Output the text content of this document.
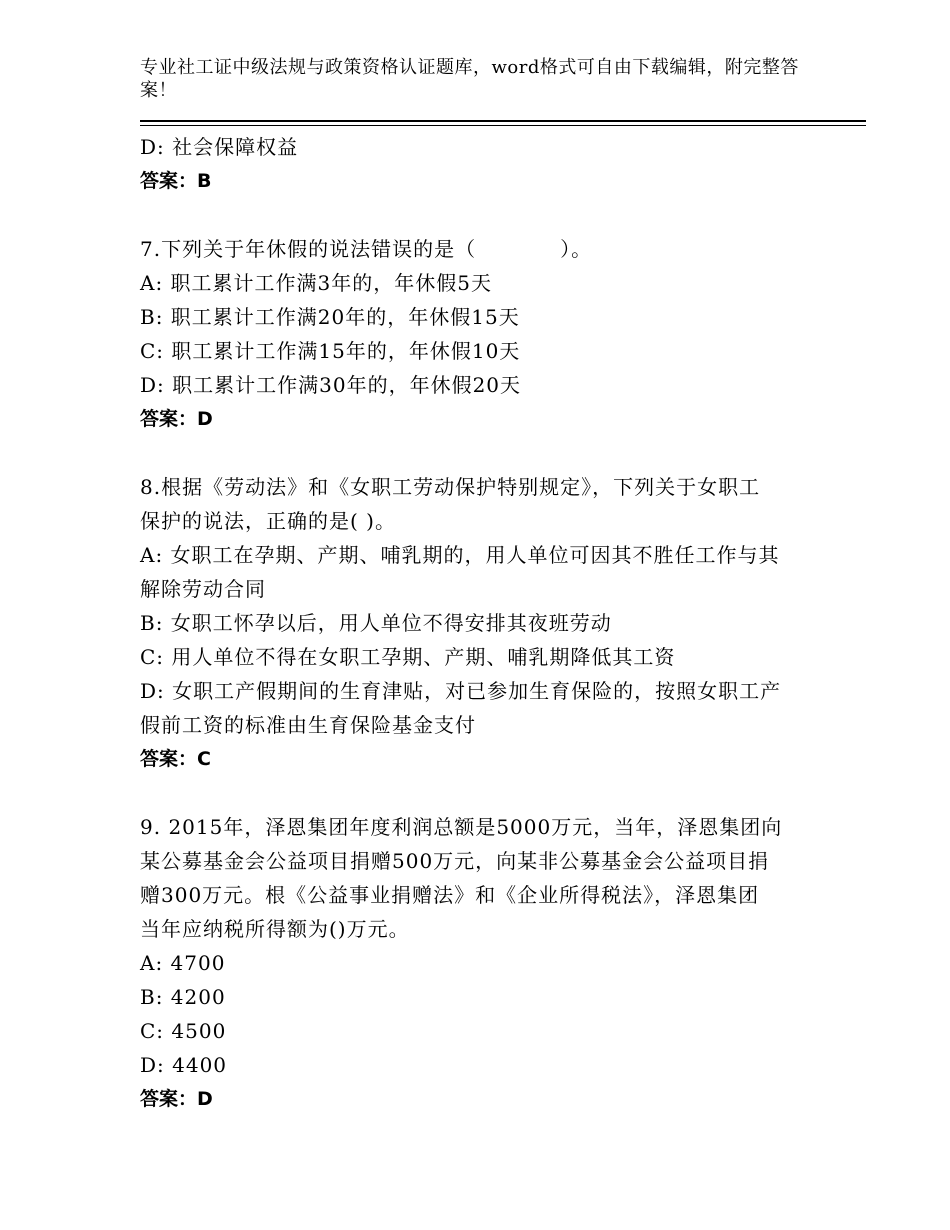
专业社工证中级法规与政策资格认证题库，word格式可自由下载编辑，附完整答案！
D: 社会保障权益
答案：B
7.下列关于年休假的说法错误的是（　　　　）。
A: 职工累计工作满3年的，年休假5天
B: 职工累计工作满20年的，年休假15天
C: 职工累计工作满15年的，年休假10天
D: 职工累计工作满30年的，年休假20天
答案：D
8.根据《劳动法》和《女职工劳动保护特别规定》，下列关于女职工
保护的说法，正确的是( )。
A: 女职工在孕期、产期、哺乳期的，用人单位可因其不胜任工作与其
解除劳动合同
B: 女职工怀孕以后，用人单位不得安排其夜班劳动
C: 用人单位不得在女职工孕期、产期、哺乳期降低其工资
D: 女职工产假期间的生育津贴，对已参加生育保险的，按照女职工产
假前工资的标准由生育保险基金支付
答案：C
9. 2015年，泽恩集团年度利润总额是5000万元，当年，泽恩集团向
某公募基金会公益项目捐赠500万元，向某非公募基金会公益项目捐
赠300万元。根《公益事业捐赠法》和《企业所得税法》，泽恩集团
当年应纳税所得额为()万元。
A: 4700
B: 4200
C: 4500
D: 4400
答案：D
